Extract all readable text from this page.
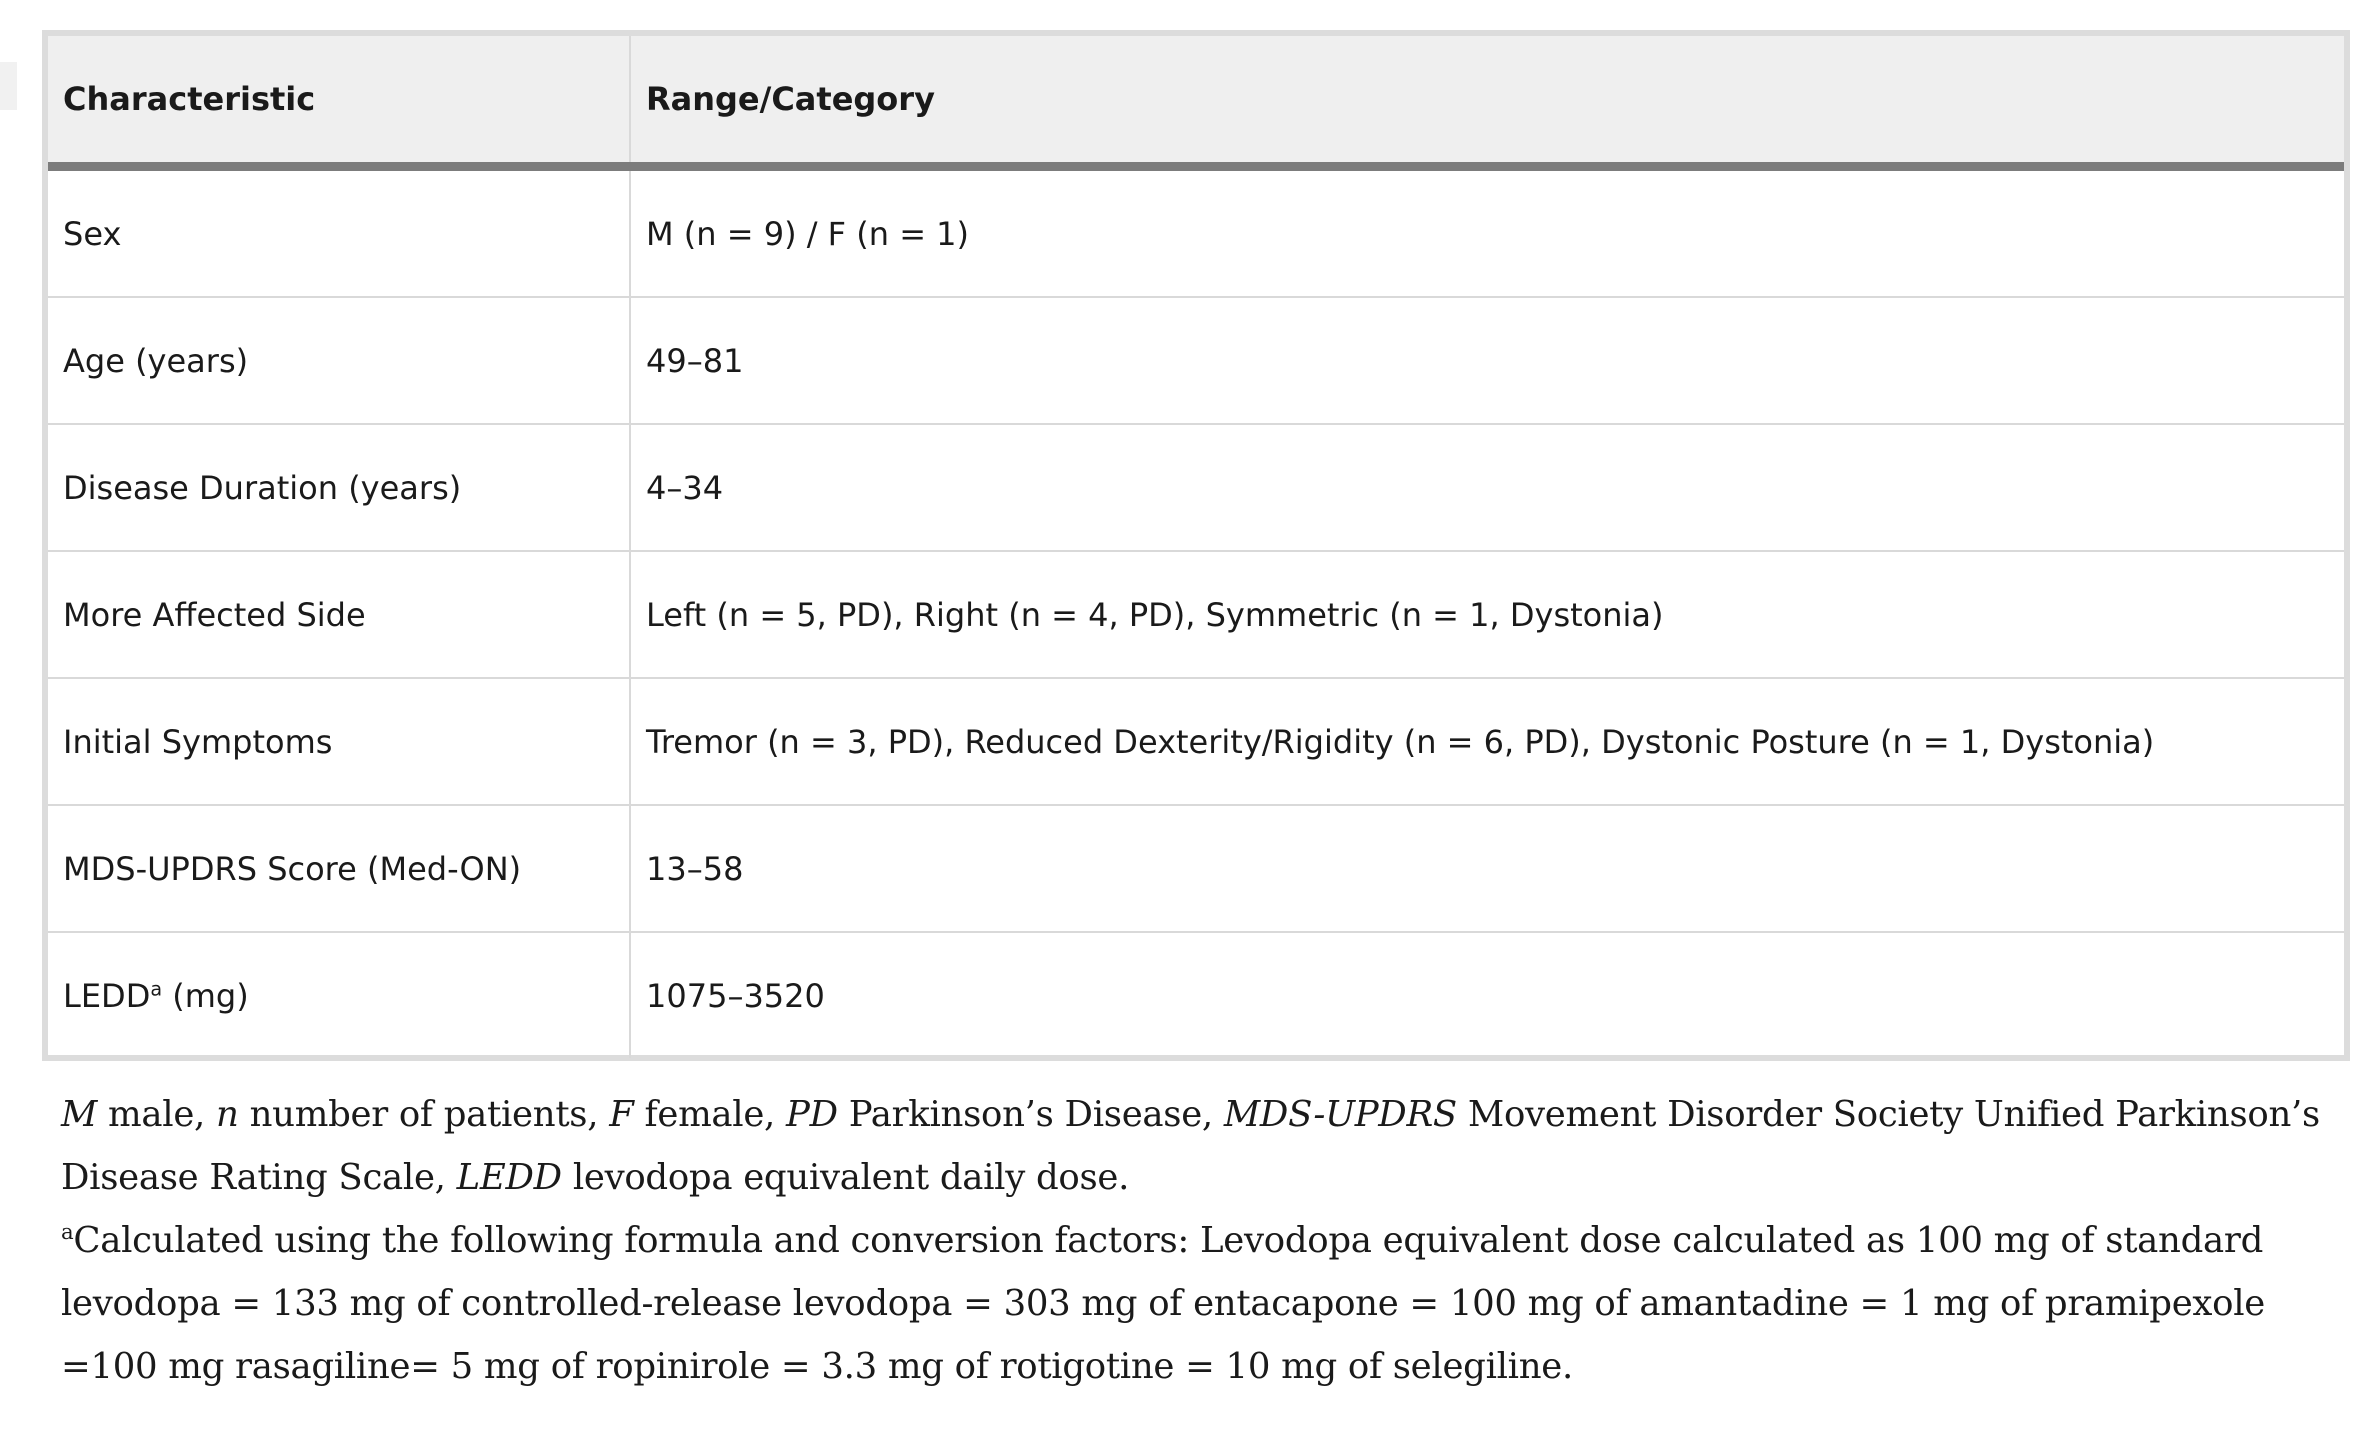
Characteristic	Range/Category
Sex	M (n = 9) / F (n = 1)
Age (years)	49–81
Disease Duration (years)	4–34
More Affected Side	Left (n = 5, PD), Right (n = 4, PD), Symmetric (n = 1, Dystonia)
Initial Symptoms	Tremor (n = 3, PD), Reduced Dexterity/Rigidity (n = 6, PD), Dystonic Posture (n = 1, Dystonia)
MDS-UPDRS Score (Med-ON)	13–58
LEDD$^a$ (mg)	1075–3520

M male, n number of patients, F female, PD Parkinson’s Disease, MDS-UPDRS Movement Disorder Society Unified Parkinson’s Disease Rating Scale, LEDD levodopa equivalent daily dose.

$^a$Calculated using the following formula and conversion factors: Levodopa equivalent dose calculated as 100 mg of standard levodopa = 133 mg of controlled-release levodopa = 303 mg of entacapone = 100 mg of amantadine = 1 mg of pramipexole =100 mg rasagiline= 5 mg of ropinirole = 3.3 mg of rotigotine = 10 mg of selegiline.
